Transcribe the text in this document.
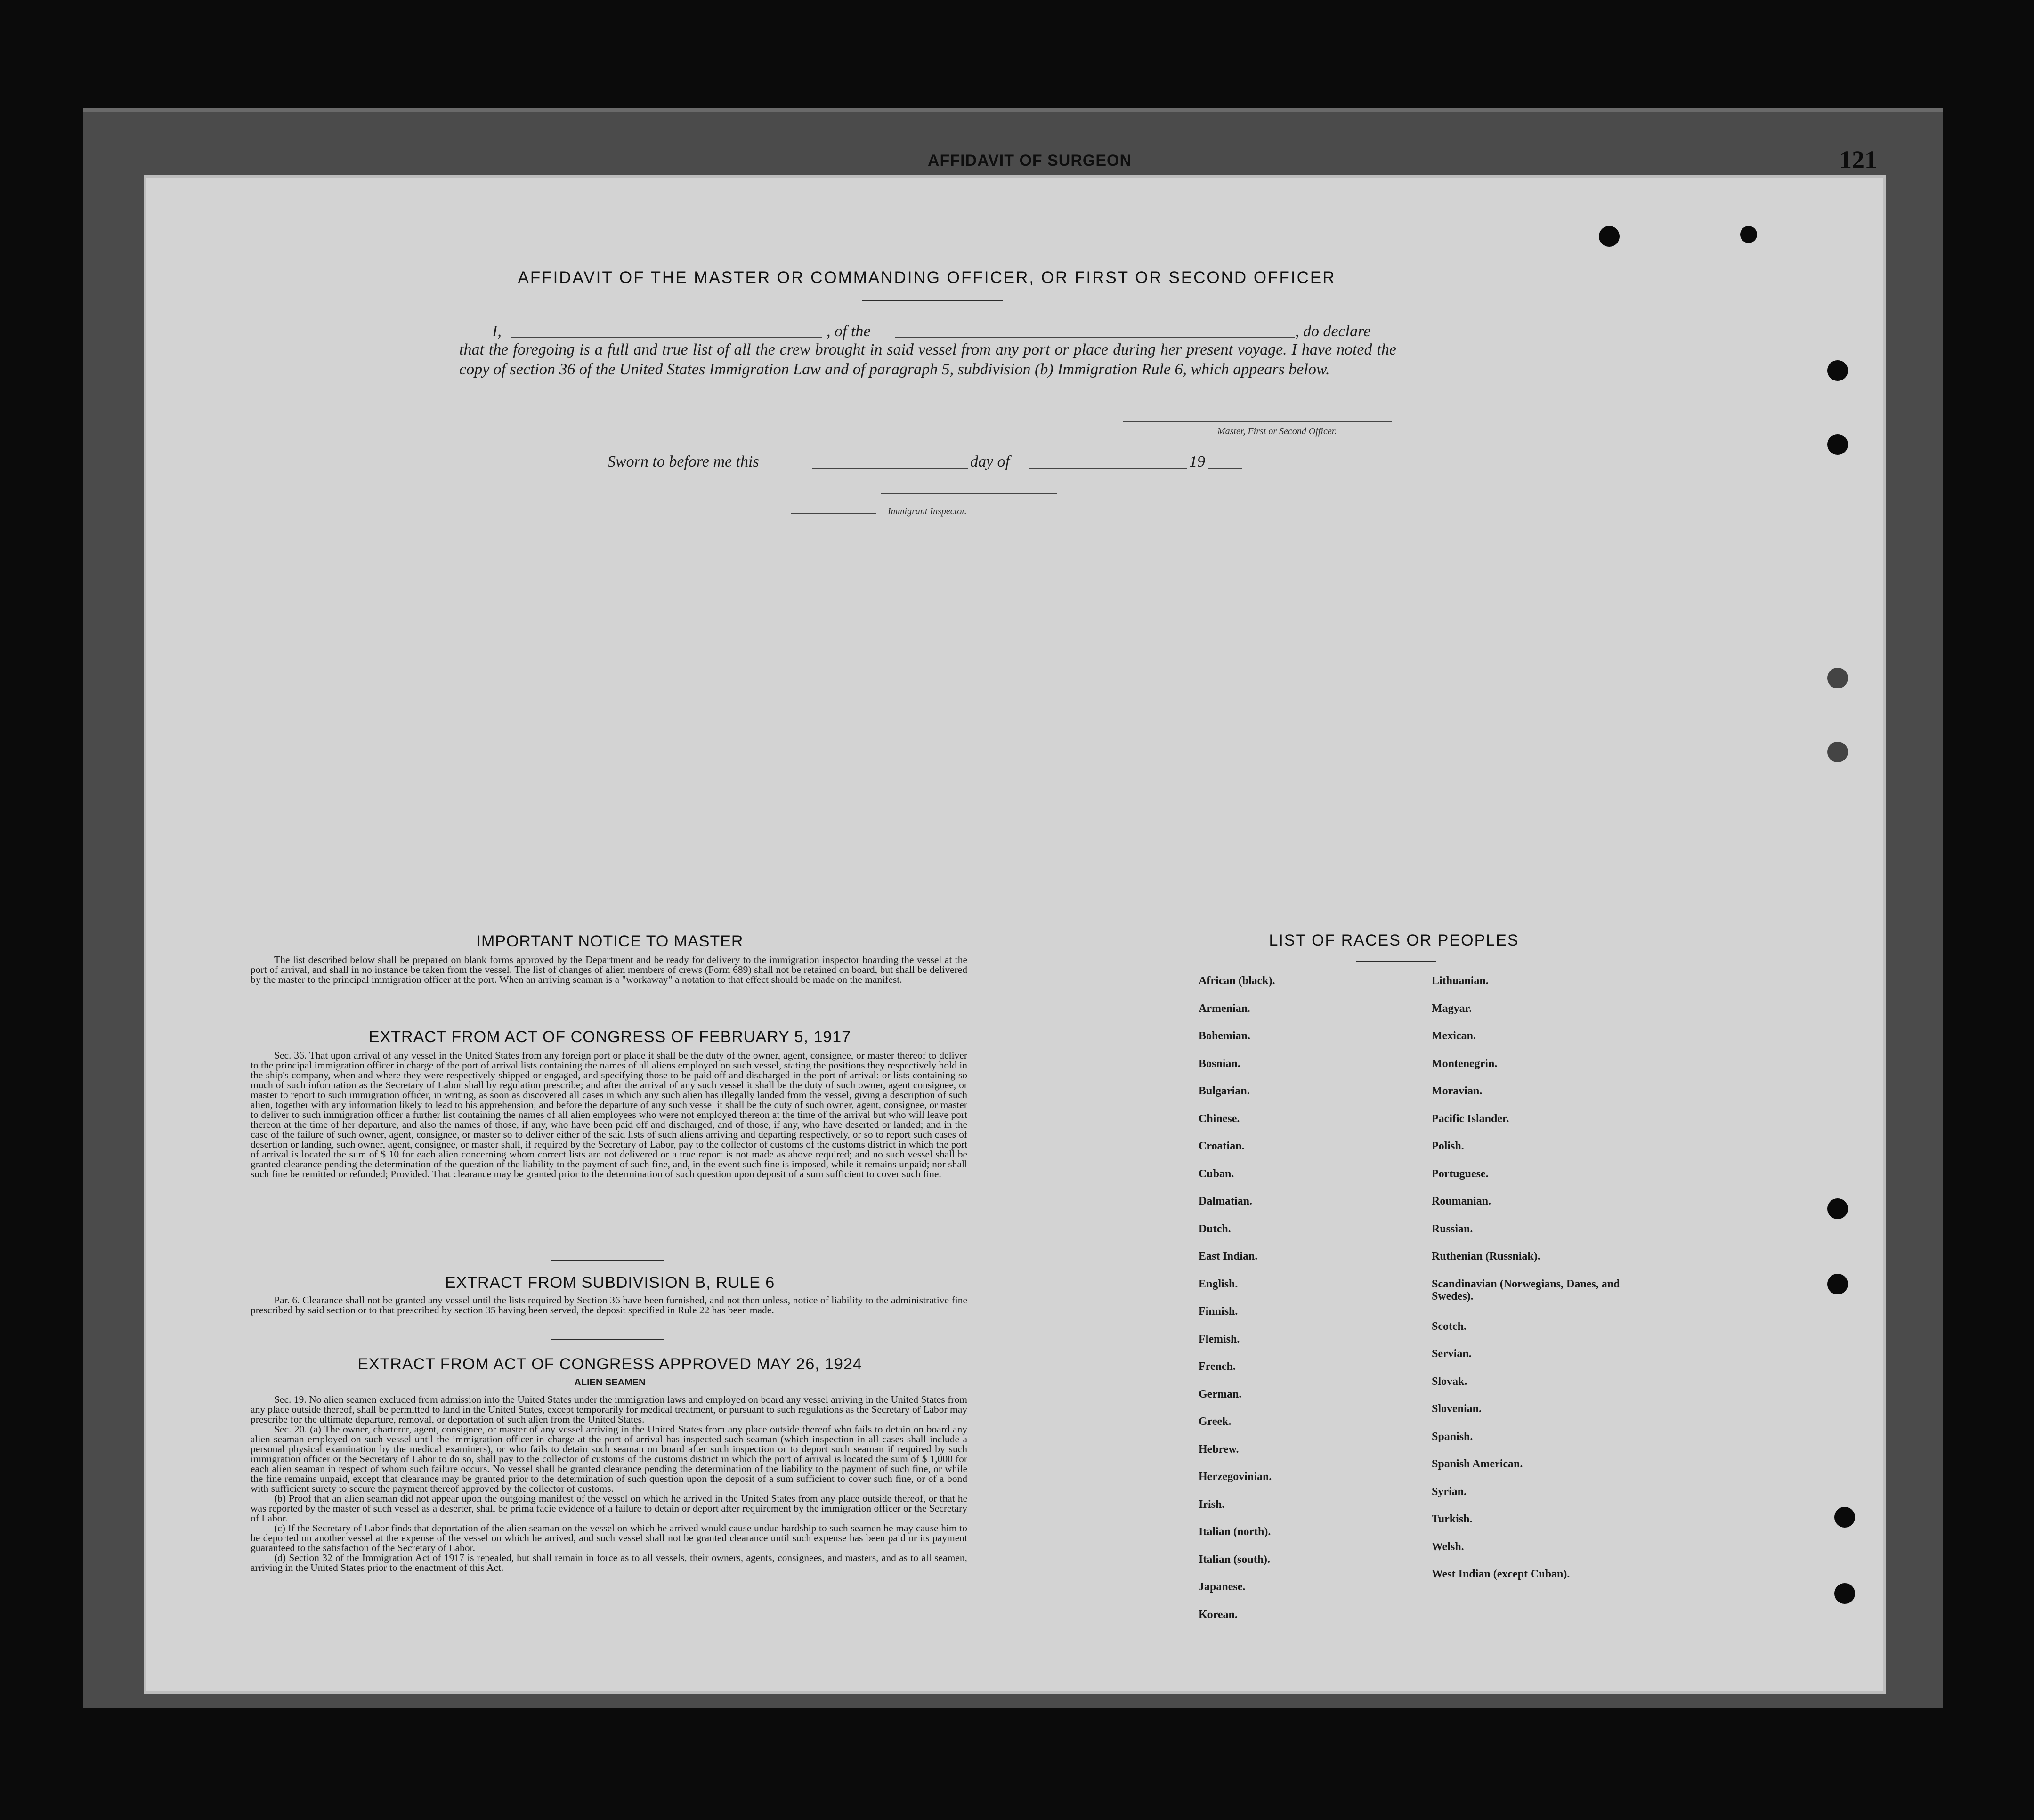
AFFIDAVIT OF SURGEON	121
AFFIDAVIT OF THE MASTER OR COMMANDING OFFICER, OR FIRST OR SECOND OFFICER
I,	, of the	, do declare
that the foregoing is a full and true list of all the crew brought in said vessel from any port or place during her present voyage. I have noted the copy of section 36 of the United States Immigration Law and of paragraph 5, subdivision (b) Immigration Rule 6, which appears below.
Master, First or Second Officer.
Sworn to before me this	day of	19
Immigrant Inspector.
IMPORTANT NOTICE TO MASTER

The list described below shall be prepared on blank forms approved by the Department and be ready for delivery to the immigration inspector boarding the vessel at the port of arrival, and shall in no instance be taken from the vessel. The list of changes of alien members of crews (Form 689) shall not be retained on board, but shall be delivered by the master to the principal immigration officer at the port. When an arriving seaman is a "workaway" a notation to that effect should be made on the manifest.

EXTRACT FROM ACT OF CONGRESS OF FEBRUARY 5, 1917

Sec. 36. That upon arrival of any vessel in the United States from any foreign port or place it shall be the duty of the owner, agent, consignee, or master thereof to deliver to the principal immigration officer in charge of the port of arrival lists containing the names of all aliens employed on such vessel, stating the positions they respectively hold in the ship's company, when and where they were respectively shipped or engaged, and specifying those to be paid off and discharged in the port of arrival: or lists containing so much of such information as the Secretary of Labor shall by regulation prescribe; and after the arrival of any such vessel it shall be the duty of such owner, agent consignee, or master to report to such immigration officer, in writing, as soon as discovered all cases in which any such alien has illegally landed from the vessel, giving a description of such alien, together with any information likely to lead to his apprehension; and before the departure of any such vessel it shall be the duty of such owner, agent, consignee, or master to deliver to such immigration officer a further list containing the names of all alien employees who were not employed thereon at the time of the arrival but who will leave port thereon at the time of her departure, and also the names of those, if any, who have been paid off and discharged, and of those, if any, who have deserted or landed; and in the case of the failure of such owner, agent, consignee, or master so to deliver either of the said lists of such aliens arriving and departing respectively, or so to report such cases of desertion or landing, such owner, agent, consignee, or master shall, if required by the Secretary of Labor, pay to the collector of customs of the customs district in which the port of arrival is located the sum of $ 10 for each alien concerning whom correct lists are not delivered or a true report is not made as above required; and no such vessel shall be granted clearance pending the determination of the question of the liability to the payment of such fine, and, in the event such fine is imposed, while it remains unpaid; nor shall such fine be remitted or refunded; Provided. That clearance may be granted prior to the determination of such question upon deposit of a sum sufficient to cover such fine.

EXTRACT FROM SUBDIVISION B, RULE 6

Par. 6. Clearance shall not be granted any vessel until the lists required by Section 36 have been furnished, and not then unless, notice of liability to the administrative fine prescribed by said section or to that prescribed by section 35 having been served, the deposit specified in Rule 22 has been made.

EXTRACT FROM ACT OF CONGRESS APPROVED MAY 26, 1924
ALIEN SEAMEN

Sec. 19. No alien seamen excluded from admission into the United States under the immigration laws and employed on board any vessel arriving in the United States from any place outside thereof, shall be permitted to land in the United States, except temporarily for medical treatment, or pursuant to such regulations as the Secretary of Labor may prescribe for the ultimate departure, removal, or deportation of such alien from the United States.

Sec. 20. (a) The owner, charterer, agent, consignee, or master of any vessel arriving in the United States from any place outside thereof who fails to detain on board any alien seaman employed on such vessel until the immigration officer in charge at the port of arrival has inspected such seaman (which inspection in all cases shall include a personal physical examination by the medical examiners), or who fails to detain such seaman on board after such inspection or to deport such seaman if required by such immigration officer or the Secretary of Labor to do so, shall pay to the collector of customs of the customs district in which the port of arrival is located the sum of $ 1,000 for each alien seaman in respect of whom such failure occurs. No vessel shall be granted clearance pending the determination of the liability to the payment of such fine, or while the fine remains unpaid, except that clearance may be granted prior to the determination of such question upon the deposit of a sum sufficient to cover such fine, or of a bond with sufficient surety to secure the payment thereof approved by the collector of customs.

(b) Proof that an alien seaman did not appear upon the outgoing manifest of the vessel on which he arrived in the United States from any place outside thereof, or that he was reported by the master of such vessel as a deserter, shall be prima facie evidence of a failure to detain or deport after requirement by the immigration officer or the Secretary of Labor.

(c) If the Secretary of Labor finds that deportation of the alien seaman on the vessel on which he arrived would cause undue hardship to such seamen he may cause him to be deported on another vessel at the expense of the vessel on which he arrived, and such vessel shall not be granted clearance until such expense has been paid or its payment guaranteed to the satisfaction of the Secretary of Labor.

(d) Section 32 of the Immigration Act of 1917 is repealed, but shall remain in force as to all vessels, their owners, agents, consignees, and masters, and as to all seamen, arriving in the United States prior to the enactment of this Act.

LIST OF RACES OR PEOPLES
African (black).
Armenian.
Bohemian.
Bosnian.
Bulgarian.
Chinese.
Croatian.
Cuban.
Dalmatian.
Dutch.
East Indian.
English.
Finnish.
Flemish.
French.
German.
Greek.
Hebrew.
Herzegovinian.
Irish.
Italian (north).
Italian (south).
Japanese.
Korean.
Lithuanian.
Magyar.
Mexican.
Montenegrin.
Moravian.
Pacific Islander.
Polish.
Portuguese.
Roumanian.
Russian.
Ruthenian (Russniak).
Scandinavian (Norwegians, Danes, and Swedes).
Scotch.
Servian.
Slovak.
Slovenian.
Spanish.
Spanish American.
Syrian.
Turkish.
Welsh.
West Indian (except Cuban).
